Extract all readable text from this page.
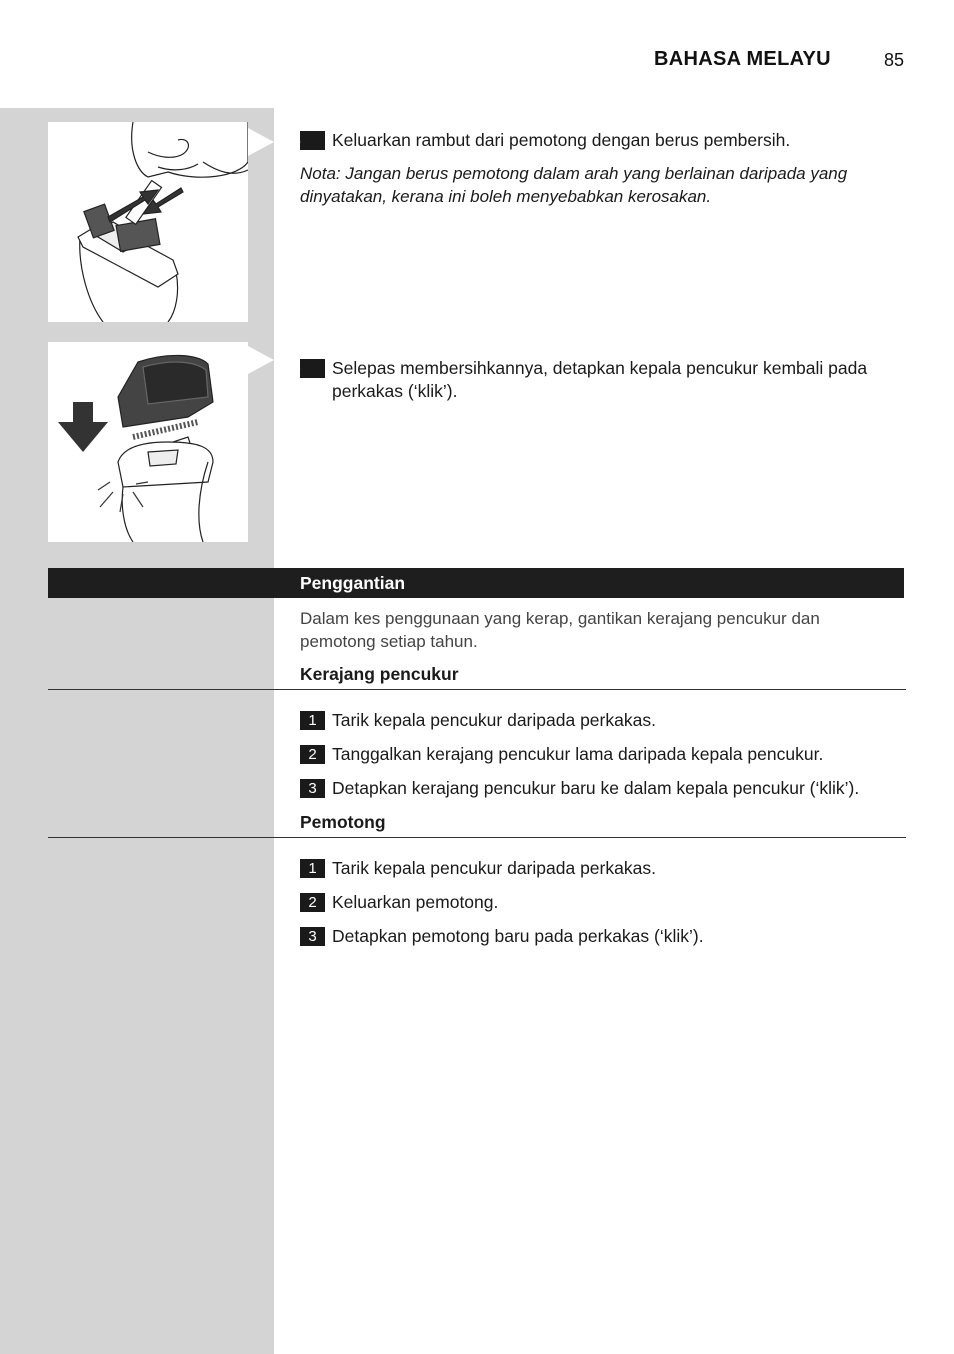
BAHASA MELAYU	85
4 Keluarkan rambut dari pemotong dengan berus pembersih.
Nota: Jangan berus pemotong dalam arah yang berlainan daripada yang dinyatakan, kerana ini boleh menyebabkan kerosakan.
5 Selepas membersihkannya, detapkan kepala pencukur kembali pada perkakas (‘klik’).
Penggantian
Dalam kes penggunaan yang kerap, gantikan kerajang pencukur dan pemotong setiap tahun.
Kerajang pencukur
1 Tarik kepala pencukur daripada perkakas.
2 Tanggalkan kerajang pencukur lama daripada kepala pencukur.
3 Detapkan kerajang pencukur baru ke dalam kepala pencukur (‘klik’).
Pemotong
1 Tarik kepala pencukur daripada perkakas.
2 Keluarkan pemotong.
3 Detapkan pemotong baru pada perkakas (‘klik’).
